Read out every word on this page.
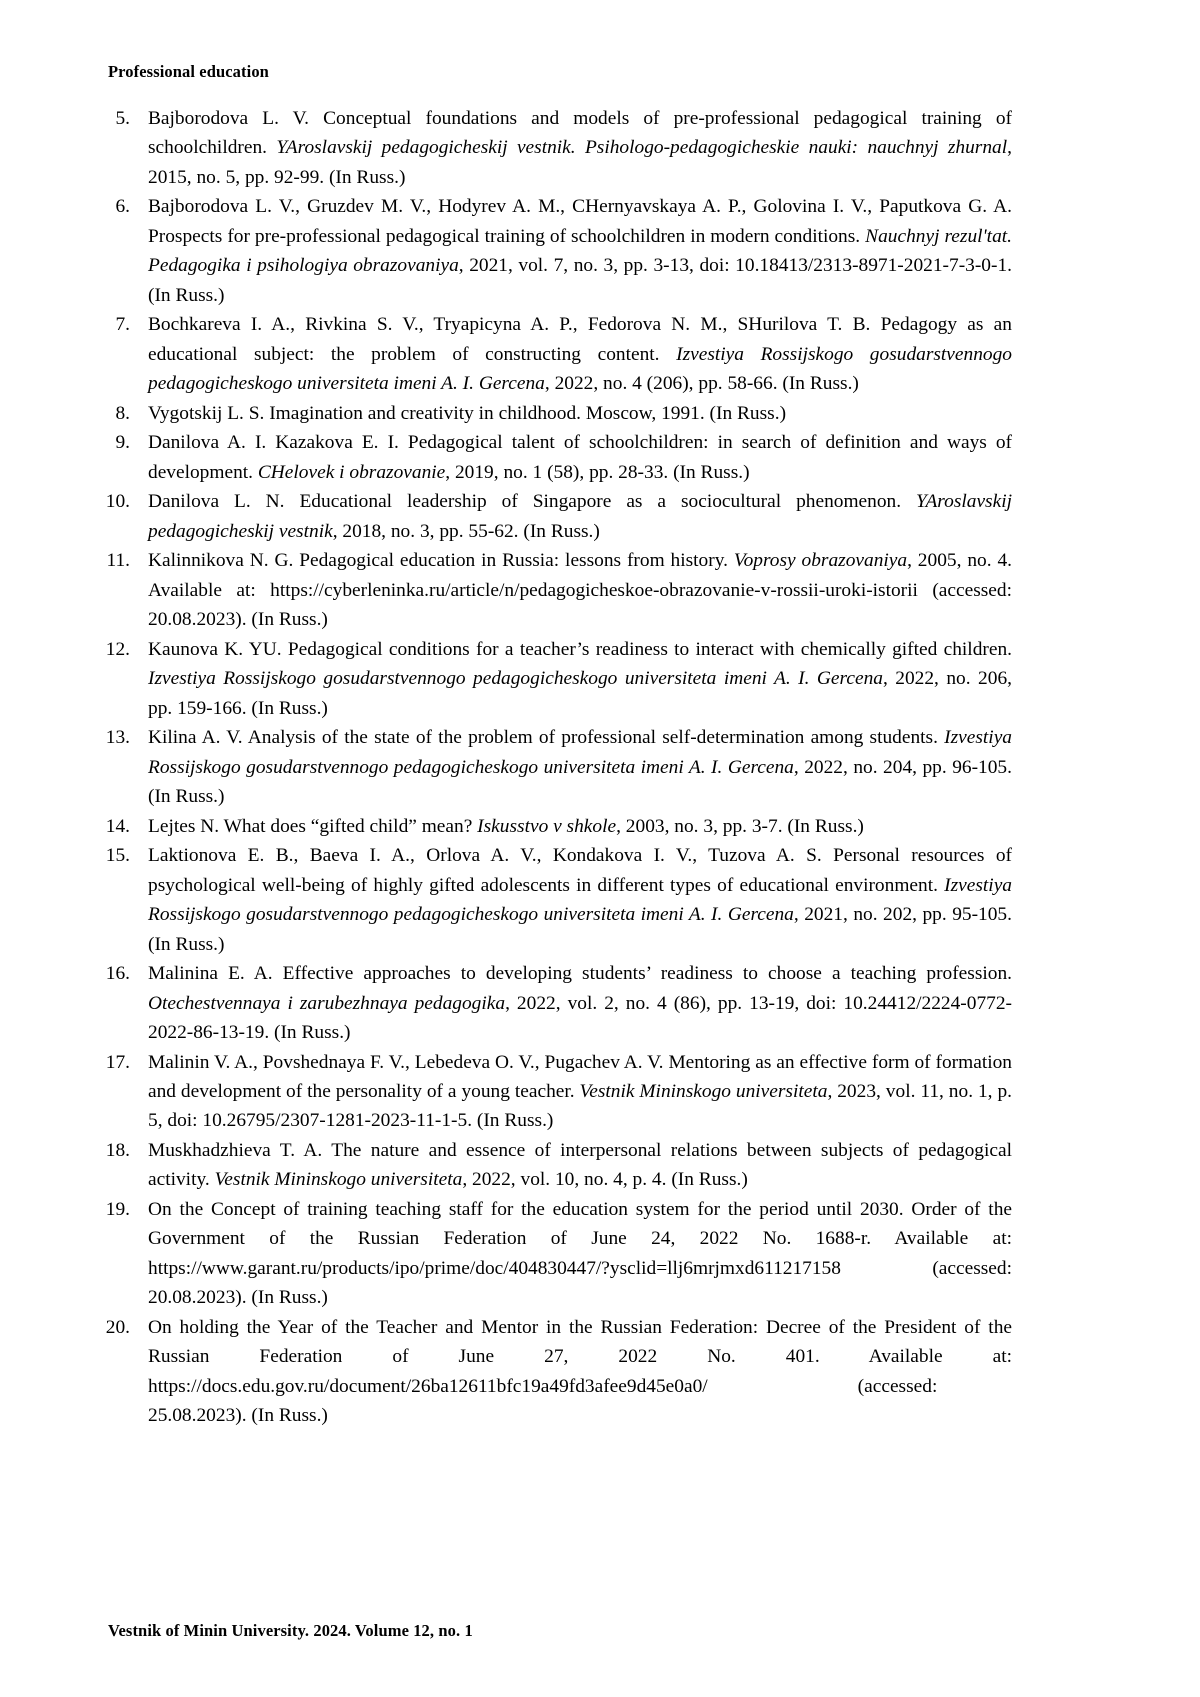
Professional education
5. Bajborodova L. V. Conceptual foundations and models of pre-professional pedagogical training of schoolchildren. YAroslavskij pedagogicheskij vestnik. Psihologo-pedagogicheskie nauki: nauchnyj zhurnal, 2015, no. 5, pp. 92-99. (In Russ.)
6. Bajborodova L. V., Gruzdev M. V., Hodyrev A. M., CHernyavskaya A. P., Golovina I. V., Paputkova G. A. Prospects for pre-professional pedagogical training of schoolchildren in modern conditions. Nauchnyj rezul'tat. Pedagogika i psihologiya obrazovaniya, 2021, vol. 7, no. 3, pp. 3-13, doi: 10.18413/2313-8971-2021-7-3-0-1. (In Russ.)
7. Bochkareva I. A., Rivkina S. V., Tryapicyna A. P., Fedorova N. M., SHurilova T. B. Pedagogy as an educational subject: the problem of constructing content. Izvestiya Rossijskogo gosudarstvennogo pedagogicheskogo universiteta imeni A. I. Gercena, 2022, no. 4 (206), pp. 58-66. (In Russ.)
8. Vygotskij L. S. Imagination and creativity in childhood. Moscow, 1991. (In Russ.)
9. Danilova A. I. Kazakova E. I. Pedagogical talent of schoolchildren: in search of definition and ways of development. CHelovek i obrazovanie, 2019, no. 1 (58), pp. 28-33. (In Russ.)
10. Danilova L. N. Educational leadership of Singapore as a sociocultural phenomenon. YAroslavskij pedagogicheskij vestnik, 2018, no. 3, pp. 55-62. (In Russ.)
11. Kalinnikova N. G. Pedagogical education in Russia: lessons from history. Voprosy obrazovaniya, 2005, no. 4. Available at: https://cyberleninka.ru/article/n/pedagogicheskoe-obrazovanie-v-rossii-uroki-istorii (accessed: 20.08.2023). (In Russ.)
12. Kaunova K. YU. Pedagogical conditions for a teacher’s readiness to interact with chemically gifted children. Izvestiya Rossijskogo gosudarstvennogo pedagogicheskogo universiteta imeni A. I. Gercena, 2022, no. 206, pp. 159-166. (In Russ.)
13. Kilina A. V. Analysis of the state of the problem of professional self-determination among students. Izvestiya Rossijskogo gosudarstvennogo pedagogicheskogo universiteta imeni A. I. Gercena, 2022, no. 204, pp. 96-105. (In Russ.)
14. Lejtes N. What does “gifted child” mean? Iskusstvo v shkole, 2003, no. 3, pp. 3-7. (In Russ.)
15. Laktionova E. B., Baeva I. A., Orlova A. V., Kondakova I. V., Tuzova A. S. Personal resources of psychological well-being of highly gifted adolescents in different types of educational environment. Izvestiya Rossijskogo gosudarstvennogo pedagogicheskogo universiteta imeni A. I. Gercena, 2021, no. 202, pp. 95-105. (In Russ.)
16. Malinina E. A. Effective approaches to developing students’ readiness to choose a teaching profession. Otechestvennaya i zarubezhnaya pedagogika, 2022, vol. 2, no. 4 (86), pp. 13-19, doi: 10.24412/2224-0772-2022-86-13-19. (In Russ.)
17. Malinin V. A., Povshednaya F. V., Lebedeva O. V., Pugachev A. V. Mentoring as an effective form of formation and development of the personality of a young teacher. Vestnik Mininskogo universiteta, 2023, vol. 11, no. 1, p. 5, doi: 10.26795/2307-1281-2023-11-1-5. (In Russ.)
18. Muskhadzhieva T. A. The nature and essence of interpersonal relations between subjects of pedagogical activity. Vestnik Mininskogo universiteta, 2022, vol. 10, no. 4, p. 4. (In Russ.)
19. On the Concept of training teaching staff for the education system for the period until 2030. Order of the Government of the Russian Federation of June 24, 2022 No. 1688-r. Available at: https://www.garant.ru/products/ipo/prime/doc/404830447/?ysclid=llj6mrjmxd611217158 (accessed: 20.08.2023). (In Russ.)
20. On holding the Year of the Teacher and Mentor in the Russian Federation: Decree of the President of the Russian Federation of June 27, 2022 No. 401. Available at: https://docs.edu.gov.ru/document/26ba12611bfc19a49fd3afee9d45e0a0/	(accessed: 25.08.2023). (In Russ.)
Vestnik of Minin University. 2024. Volume 12, no. 1
